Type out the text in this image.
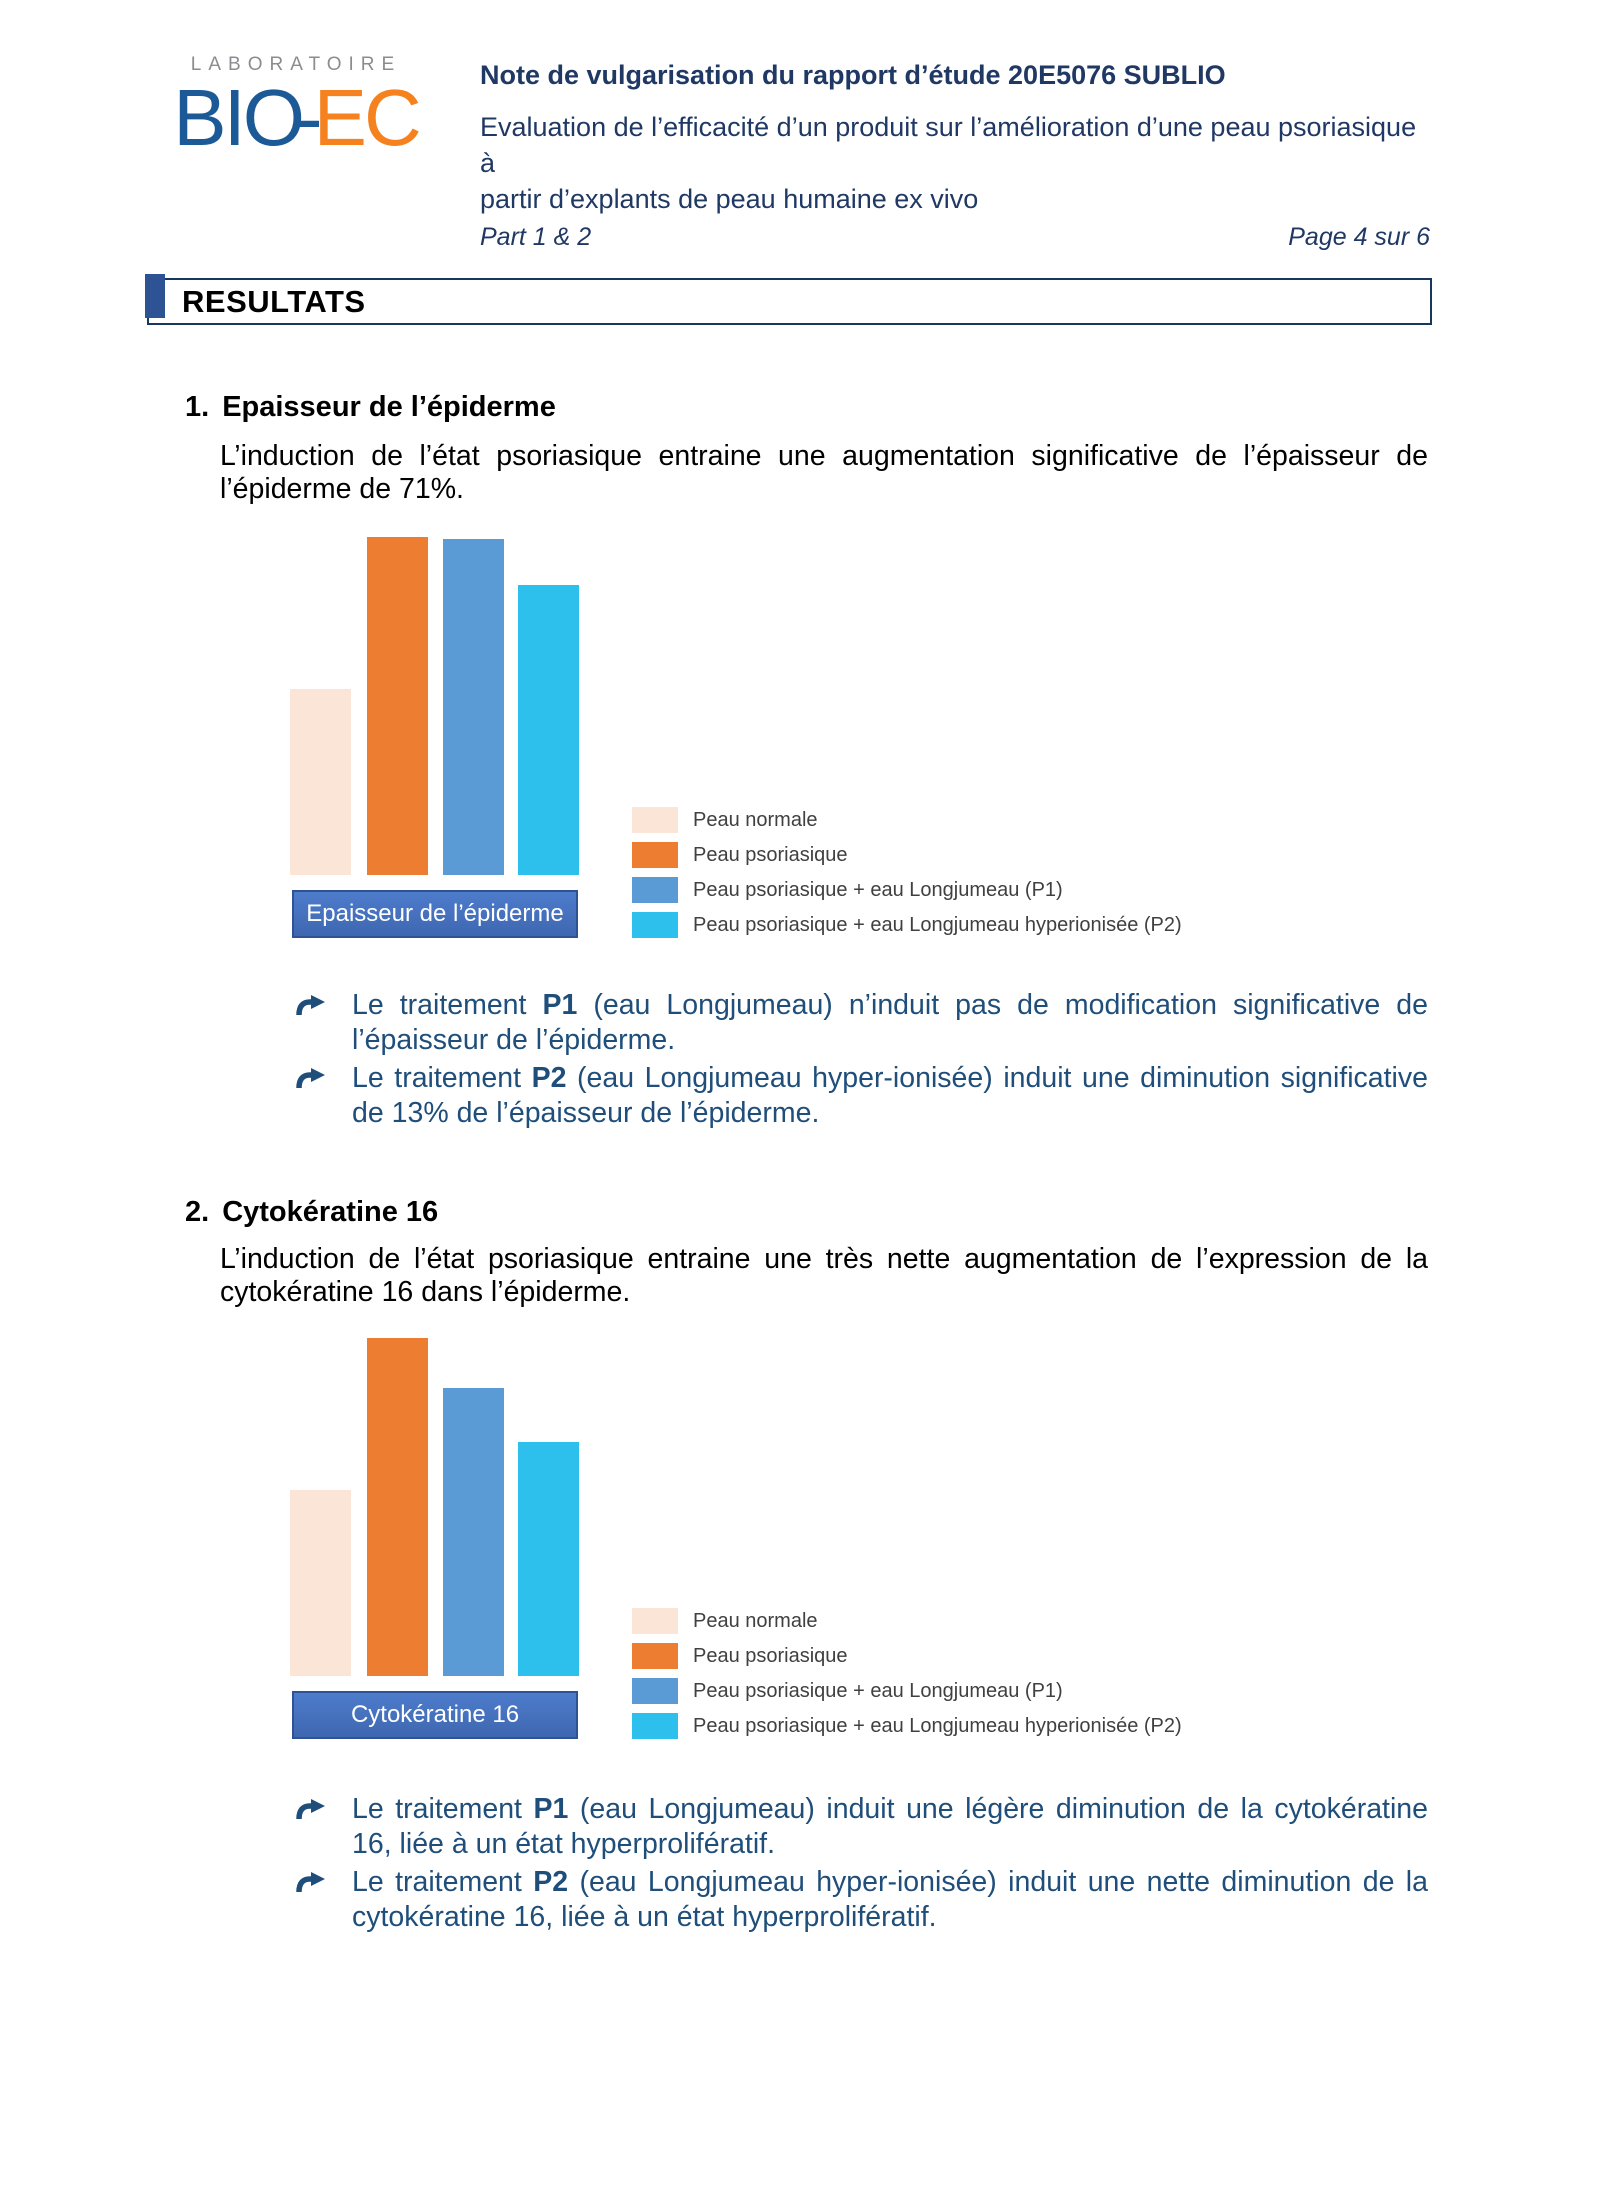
LABORATOIRE
BIO-EC	Note de vulgarisation du rapport d’étude 20E5076 SUBLIO
Evaluation de l’efficacité d’un produit sur l’amélioration d’une peau psoriasique à
partir d’explants de peau humaine ex vivo
Part 1 & 2	Page 4 sur 6
RESULTATS
1. Epaisseur de l’épiderme
L’induction de l’état psoriasique entraine une augmentation significative de l’épaisseur de l’épiderme de 71%.
Epaisseur de l’épiderme
Peau normale
Peau psoriasique
Peau psoriasique + eau Longjumeau (P1)
Peau psoriasique + eau Longjumeau hyperionisée (P2)
Le traitement P1 (eau Longjumeau) n’induit pas de modification significative de l’épaisseur de l’épiderme.
Le traitement P2 (eau Longjumeau hyper-ionisée) induit une diminution significative de 13% de l’épaisseur de l’épiderme.
2. Cytokératine 16
L’induction de l’état psoriasique entraine une très nette augmentation de l’expression de la cytokératine 16 dans l’épiderme.
Cytokératine 16
Peau normale
Peau psoriasique
Peau psoriasique + eau Longjumeau (P1)
Peau psoriasique + eau Longjumeau hyperionisée (P2)
Le traitement P1 (eau Longjumeau) induit une légère diminution de la cytokératine 16, liée à un état hyperprolifératif.
Le traitement P2 (eau Longjumeau hyper-ionisée) induit une nette diminution de la cytokératine 16, liée à un état hyperprolifératif.
